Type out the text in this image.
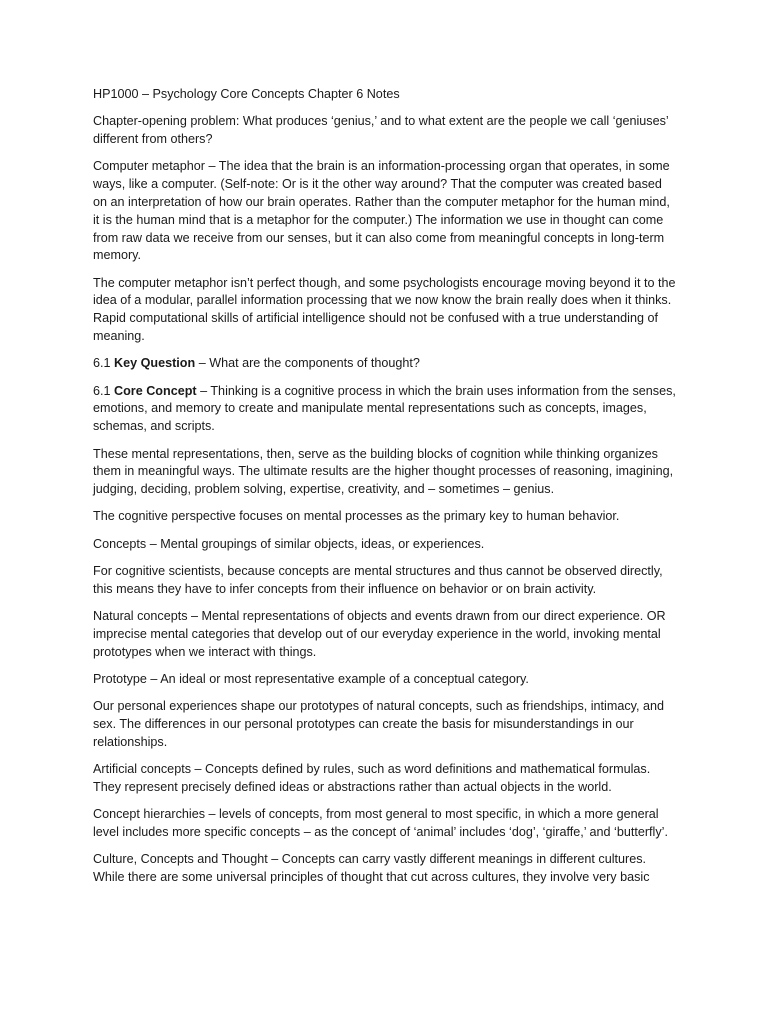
HP1000 – Psychology Core Concepts Chapter 6 Notes

Chapter-opening problem: What produces ‘genius,’ and to what extent are the people we call ‘geniuses’ different from others?

Computer metaphor – The idea that the brain is an information-processing organ that operates, in some ways, like a computer. (Self-note: Or is it the other way around? That the computer was created based on an interpretation of how our brain operates. Rather than the computer metaphor for the human mind, it is the human mind that is a metaphor for the computer.) The information we use in thought can come from raw data we receive from our senses, but it can also come from meaningful concepts in long-term memory.

The computer metaphor isn’t perfect though, and some psychologists encourage moving beyond it to the idea of a modular, parallel information processing that we now know the brain really does when it thinks. Rapid computational skills of artificial intelligence should not be confused with a true understanding of meaning.

6.1 Key Question – What are the components of thought?

6.1 Core Concept – Thinking is a cognitive process in which the brain uses information from the senses, emotions, and memory to create and manipulate mental representations such as concepts, images, schemas, and scripts.

These mental representations, then, serve as the building blocks of cognition while thinking organizes them in meaningful ways. The ultimate results are the higher thought processes of reasoning, imagining, judging, deciding, problem solving, expertise, creativity, and – sometimes – genius.

The cognitive perspective focuses on mental processes as the primary key to human behavior.

Concepts – Mental groupings of similar objects, ideas, or experiences.

For cognitive scientists, because concepts are mental structures and thus cannot be observed directly, this means they have to infer concepts from their influence on behavior or on brain activity.

Natural concepts – Mental representations of objects and events drawn from our direct experience. OR imprecise mental categories that develop out of our everyday experience in the world, invoking mental prototypes when we interact with things.

Prototype – An ideal or most representative example of a conceptual category.

Our personal experiences shape our prototypes of natural concepts, such as friendships, intimacy, and sex. The differences in our personal prototypes can create the basis for misunderstandings in our relationships.

Artificial concepts – Concepts defined by rules, such as word definitions and mathematical formulas. They represent precisely defined ideas or abstractions rather than actual objects in the world.

Concept hierarchies – levels of concepts, from most general to most specific, in which a more general level includes more specific concepts – as the concept of ‘animal’ includes ‘dog’, ‘giraffe,’ and ‘butterfly’.

Culture, Concepts and Thought – Concepts can carry vastly different meanings in different cultures. While there are some universal principles of thought that cut across cultures, they involve very basic
